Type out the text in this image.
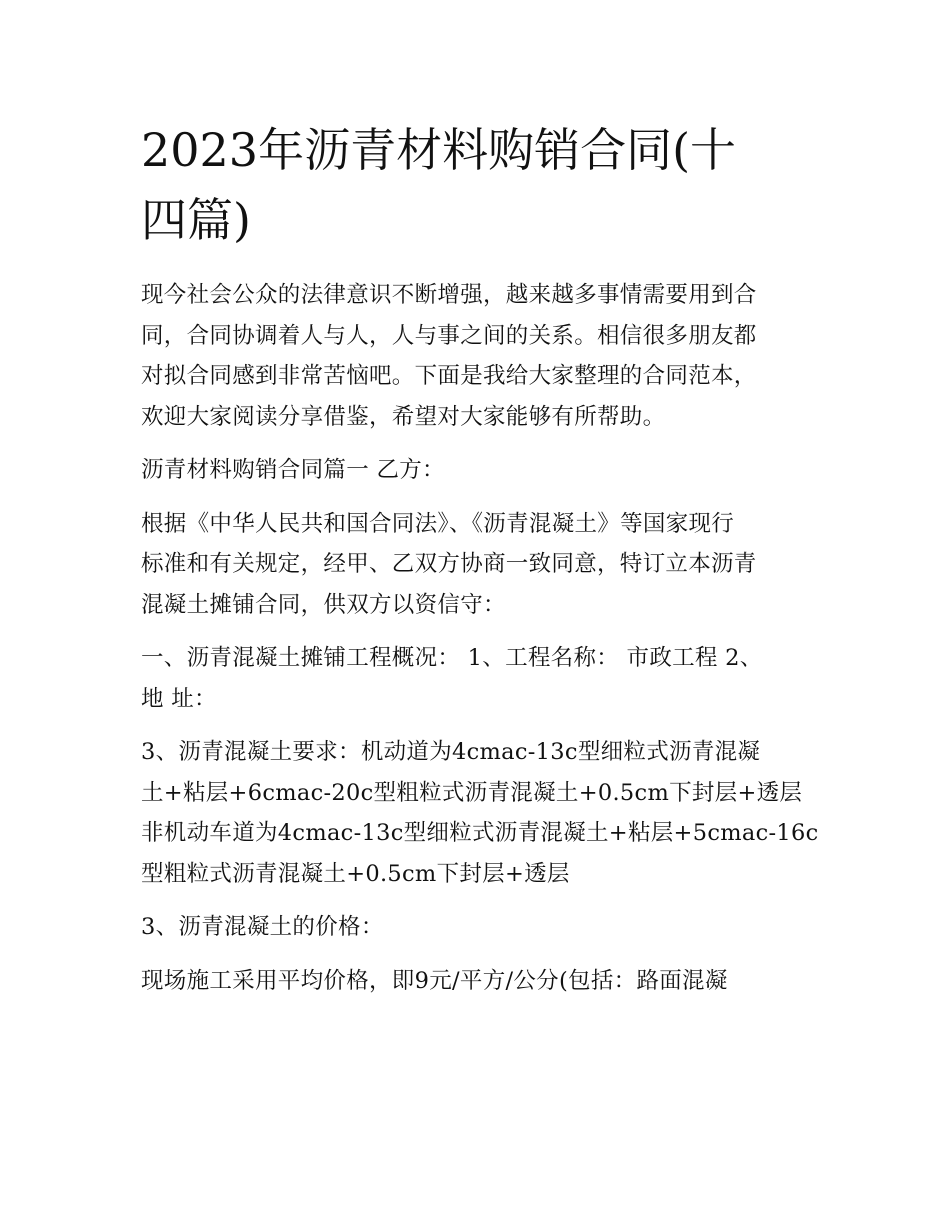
2023年沥青材料购销合同(十
四篇)
现今社会公众的法律意识不断增强，越来越多事情需要用到合
同，合同协调着人与人，人与事之间的关系。相信很多朋友都
对拟合同感到非常苦恼吧。下面是我给大家整理的合同范本，
欢迎大家阅读分享借鉴，希望对大家能够有所帮助。
沥青材料购销合同篇一 乙方：
根据《中华人民共和国合同法》、《沥青混凝土》等国家现行
标准和有关规定，经甲、乙双方协商一致同意，特订立本沥青
混凝土摊铺合同，供双方以资信守：
一、沥青混凝土摊铺工程概况： 1、工程名称： 市政工程 2、
地 址：
3、沥青混凝土要求：机动道为4cmac-13c型细粒式沥青混凝
土+粘层+6cmac-20c型粗粒式沥青混凝土+0.5cm下封层+透层
非机动车道为4cmac-13c型细粒式沥青混凝土+粘层+5cmac-16c
型粗粒式沥青混凝土+0.5cm下封层+透层
3、沥青混凝土的价格：
现场施工采用平均价格，即9元/平方/公分(包括：路面混凝
